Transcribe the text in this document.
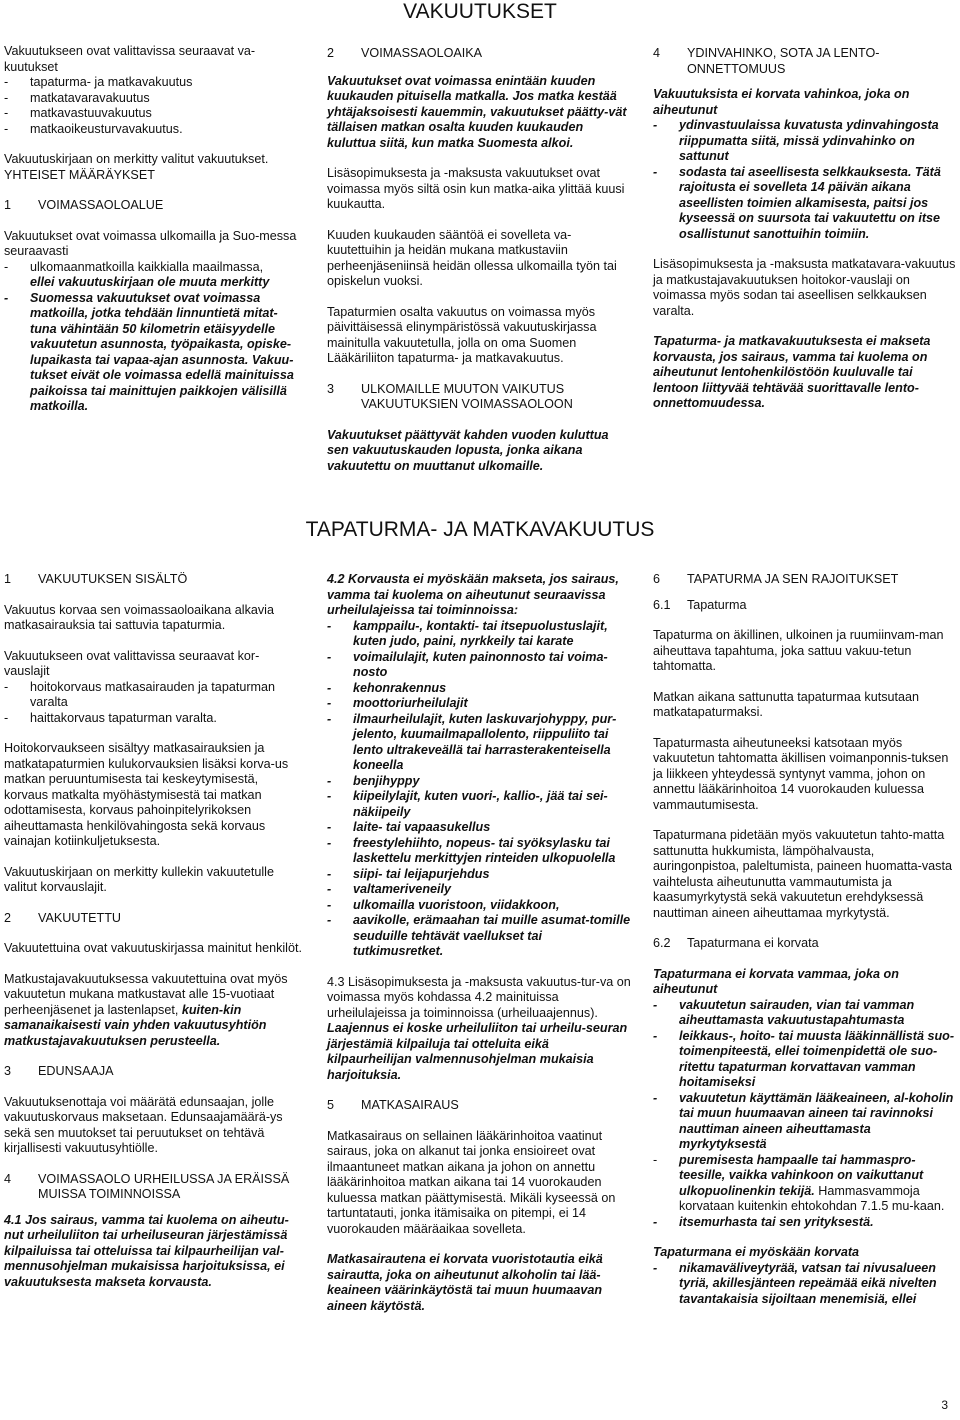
VAKUUTUKSET

Vakuutukseen ovat valittavissa seuraavat va-kuutukset

- tapaturma- ja matkavakuutus
- matkatavaravakuutus
- matkavastuuvakuutus
- matkaoikeusturvavakuutus.

Vakuutuskirjaan on merkitty valitut vakuutukset.

YHTEISET MÄÄRÄYKSET

1 VOIMASSAOLOALUE

Vakuutukset ovat voimassa ulkomailla ja Suo-messa seuraavasti

- ulkomaanmatkoilla kaikkialla maailmassa,
ellei vakuutuskirjaan ole muuta merkitty
- Suomessa vakuutukset ovat voimassa matkoilla, jotka tehdään linnuntietä mitat-tuna vähintään 50 kilometrin etäisyydelle vakuutetun asunnosta, työpaikasta, opiske-lupaikasta tai vapaa-ajan asunnosta. Vakuu-tukset eivät ole voimassa edellä mainituissa paikoissa tai mainittujen paikkojen välisillä matkoilla.

2 VOIMASSAOLOAIKA

Vakuutukset ovat voimassa enintään kuuden kuukauden pituisella matkalla. Jos matka kestää yhtäjaksoisesti kauemmin, vakuutukset päätty-vät tällaisen matkan osalta kuuden kuukauden kuluttua siitä, kun matka Suomesta alkoi.

Lisäsopimuksesta ja -maksusta vakuutukset ovat voimassa myös siltä osin kun matka-aika ylittää kuusi kuukautta.

Kuuden kuukauden sääntöä ei sovelleta va-kuutettuihin ja heidän mukana matkustaviin perheenjäseniinsä heidän ollessa ulkomailla työn tai opiskelun vuoksi.

Tapaturmien osalta vakuutus on voimassa myös päivittäisessä elinympäristössä vakuutuskirjassa mainitulla vakuutetulla, jolla on oma Suomen Lääkäriliiton tapaturma- ja matkavakuutus.

3 ULKOMAILLE MUUTON VAIKUTUS VAKUUTUKSIEN VOIMASSAOLOON

Vakuutukset päättyvät kahden vuoden kuluttua sen vakuutuskauden lopusta, jonka aikana vakuutettu on muuttanut ulkomaille.

4 YDINVAHINKO, SOTA JA LENTO-ONNETTOMUUS

Vakuutuksista ei korvata vahinkoa, joka on aiheutunut

- ydinvastuulaissa kuvatusta ydinvahingosta riippumatta siitä, missä ydinvahinko on sattunut
- sodasta tai aseellisesta selkkauksesta. Tätä rajoitusta ei sovelleta 14 päivän aikana aseellisten toimien alkamisesta, paitsi jos kyseessä on suursota tai vakuutettu on itse osallistunut sanottuihin toimiin.

Lisäsopimuksesta ja -maksusta matkatavara-vakuutus ja matkustajavakuutuksen hoitokor-vauslaji on voimassa myös sodan tai aseellisen selkkauksen varalta.

Tapaturma- ja matkavakuutuksesta ei makseta korvausta, jos sairaus, vamma tai kuolema on aiheutunut lentohenkilöstöön kuuluvalle tai lentoon liittyvää tehtävää suorittavalle lento-onnettomuudessa.

TAPATURMA- JA MATKAVAKUUTUS

1 VAKUUTUKSEN SISÄLTÖ

Vakuutus korvaa sen voimassaoloaikana alkavia matkasairauksia tai sattuvia tapaturmia.

Vakuutukseen ovat valittavissa seuraavat kor-vauslajit

- hoitokorvaus matkasairauden ja tapaturman varalta
- haittakorvaus tapaturman varalta.

Hoitokorvaukseen sisältyy matkasairauksien ja matkatapaturmien kulukorvauksien lisäksi korva-us matkan peruuntumisesta tai keskeytymisestä, korvaus matkalta myöhästymisestä tai matkan odottamisesta, korvaus pahoinpitelyrikoksen aiheuttamasta henkilövahingosta sekä korvaus vainajan kotiinkuljetuksesta.

Vakuutuskirjaan on merkitty kullekin vakuutetulle valitut korvauslajit.

2 VAKUUTETTU

Vakuutettuina ovat vakuutuskirjassa mainitut henkilöt.

Matkustajavakuutuksessa vakuutettuina ovat myös vakuutetun mukana matkustavat alle 15-vuotiaat perheenjäsenet ja lastenlapset, kuiten-kin samanaikaisesti vain yhden vakuutusyhtiön matkustajavakuutuksen perusteella.

3 EDUNSAAJA

Vakuutuksenottaja voi määrätä edunsaajan, jolle vakuutuskorvaus maksetaan. Edunsaajamäärä-ys sekä sen muutokset tai peruutukset on tehtävä kirjallisesti vakuutusyhtiölle.

4 VOIMASSAOLO URHEILUSSA JA ERÄISSÄ MUISSA TOIMINNOISSA

4.1 Jos sairaus, vamma tai kuolema on aiheutu-nut urheiluliiton tai urheiluseuran järjestämissä kilpailuissa tai otteluissa tai kilpaurheilijan val-mennusohjelman mukaisissa harjoituksissa, ei vakuutuksesta makseta korvausta.

4.2 Korvausta ei myöskään makseta, jos sairaus, vamma tai kuolema on aiheutunut seuraavissa urheilulajeissa tai toiminnoissa:

- kamppailu-, kontakti- tai itsepuolustuslajit, kuten judo, paini, nyrkkeily tai karate
- voimailulajit, kuten painonnosto tai voima-nosto
- kehonrakennus
- moottoriurheilulajit
- ilmaurheilulajit, kuten laskuvarjohyppy, pur-jelento, kuumailmapallolento, riippuliito tai lento ultrakeveällä tai harrasterakenteisella koneella
- benjihyppy
- kiipeilylajit, kuten vuori-, kallio-, jää tai sei-näkiipeily
- laite- tai vapaasukellus
- freestylehiihto, nopeus- tai syöksylasku tai laskettelu merkittyjen rinteiden ulkopuolella
- siipi- tai leijapurjehdus
- valtameriveneily
- ulkomailla vuoristoon, viidakkoon,
- aavikolle, erämaahan tai muille asumat-tomille seuduille tehtävät vaellukset tai tutkimusretket.

4.3 Lisäsopimuksesta ja -maksusta vakuutus-tur-va on voimassa myös kohdassa 4.2 mainituissa urheilulajeissa ja toiminnoissa (urheiluaajennus). Laajennus ei koske urheiluliiton tai urheilu-seuran järjestämiä kilpailuja tai otteluita eikä kilpaurheilijan valmennusohjelman mukaisia harjoituksia.

5 MATKASAIRAUS

Matkasairaus on sellainen lääkärinhoitoa vaatinut sairaus, joka on alkanut tai jonka ensioireet ovat ilmaantuneet matkan aikana ja johon on annettu lääkärinhoitoa matkan aikana tai 14 vuorokauden kuluessa matkan päättymisestä. Mikäli kyseessä on tartuntatauti, jonka itämisaika on pitempi, ei 14 vuorokauden määräaikaa sovelleta.

Matkasairautena ei korvata vuoristotautia eikä sairautta, joka on aiheutunut alkoholin tai lää-keaineen väärinkäytöstä tai muun huumaavan aineen käytöstä.

6 TAPATURMA JA SEN RAJOITUKSET

6.1 Tapaturma

Tapaturma on äkillinen, ulkoinen ja ruumiinvam-man aiheuttava tapahtuma, joka sattuu vakuu-tetun tahtomatta.

Matkan aikana sattunutta tapaturmaa kutsutaan matkatapaturmaksi.

Tapaturmasta aiheutuneeksi katsotaan myös vakuutetun tahtomatta äkillisen voimanponnis-tuksen ja liikkeen yhteydessä syntynyt vamma, johon on annettu lääkärinhoitoa 14 vuorokauden kuluessa vammautumisesta.

Tapaturmana pidetään myös vakuutetun tahto-matta sattunutta hukkumista, lämpöhalvausta, auringonpistoa, paleltumista, paineen huomatta-vasta vaihtelusta aiheutunutta vammautumista ja kaasumyrkytystä sekä vakuutetun erehdyksessä nauttiman aineen aiheuttamaa myrkytystä.

6.2 Tapaturmana ei korvata

Tapaturmana ei korvata vammaa, joka on aiheutunut

- vakuutetun sairauden, vian tai vamman aiheuttamasta vakuutustapahtumasta
- leikkaus-, hoito- tai muusta lääkinnällistä suo-toimenpiteestä, ellei toimenpidettä ole suo-ritettu tapaturman korvattavan vamman hoitamiseksi
- vakuutetun käyttämän lääkeaineen, al-koholin tai muun huumaavan aineen tai ravinnoksi nauttiman aineen aiheuttamasta myrkytyksestä
- puremisesta hampaalle tai hammaspro-teesille, vaikka vahinkoon on vaikuttanut ulkopuolinenkin tekijä. Hammasvammoja korvataan kuitenkin ehtokohdan 7.1.5 mu-kaan.
- itsemurhasta tai sen yrityksestä.

Tapaturmana ei myöskään korvata

- nikamaväliveytyrää, vatsan tai nivusalueen tyriä, akillesjänteen repeämää eikä nivelten tavantakaisia sijoiltaan menemisiä, ellei
3
